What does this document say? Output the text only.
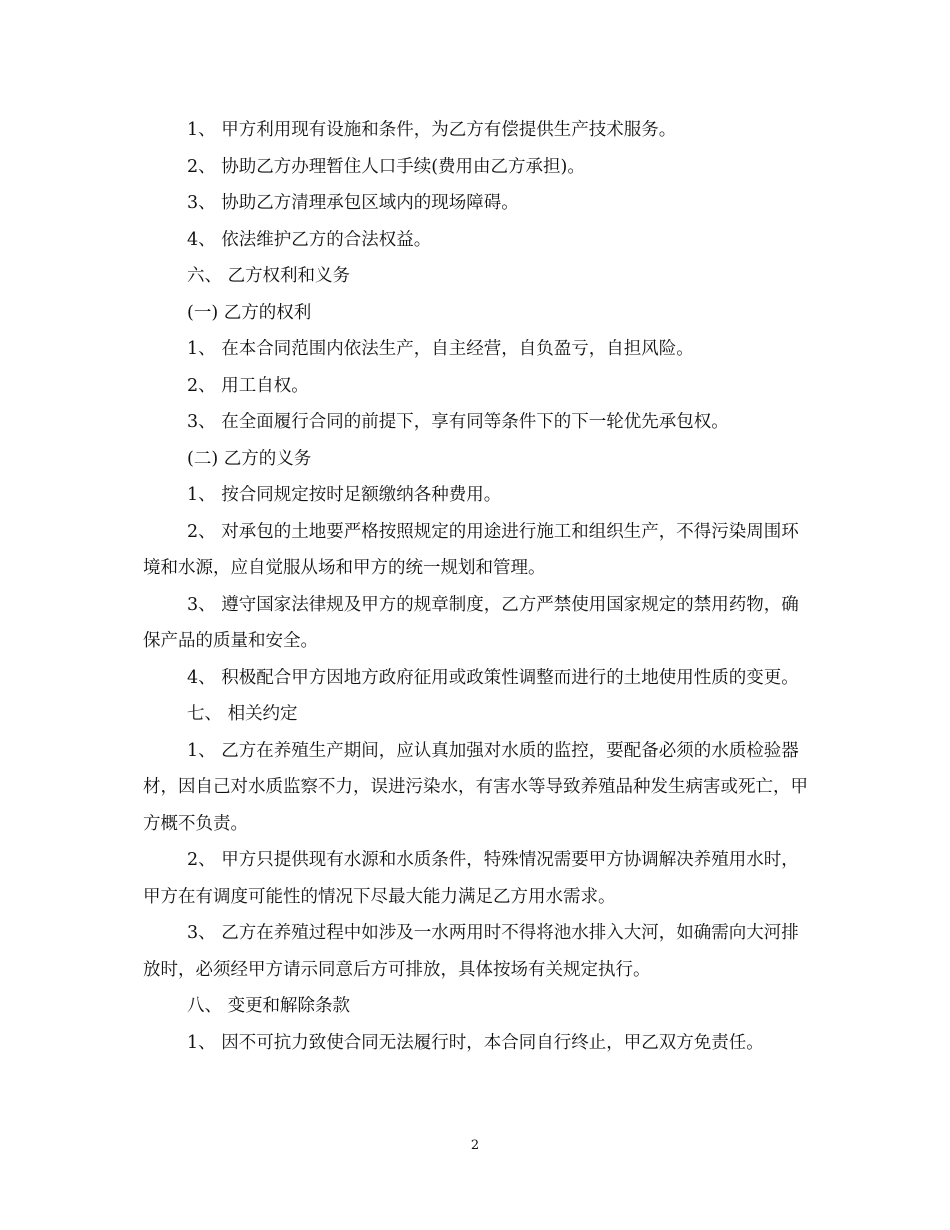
1、 甲方利用现有设施和条件，为乙方有偿提供生产技术服务。

2、 协助乙方办理暂住人口手续(费用由乙方承担)。

3、 协助乙方清理承包区域内的现场障碍。

4、 依法维护乙方的合法权益。

六、 乙方权利和义务

(一) 乙方的权利

1、 在本合同范围内依法生产，自主经营，自负盈亏，自担风险。

2、 用工自权。

3、 在全面履行合同的前提下，享有同等条件下的下一轮优先承包权。

(二) 乙方的义务

1、 按合同规定按时足额缴纳各种费用。

2、 对承包的土地要严格按照规定的用途进行施工和组织生产，不得污染周围环境和水源，应自觉服从场和甲方的统一规划和管理。

3、 遵守国家法律规及甲方的规章制度，乙方严禁使用国家规定的禁用药物，确保产品的质量和安全。

4、 积极配合甲方因地方政府征用或政策性调整而进行的土地使用性质的变更。

七、 相关约定

1、 乙方在养殖生产期间，应认真加强对水质的监控，要配备必须的水质检验器材，因自己对水质监察不力，误进污染水，有害水等导致养殖品种发生病害或死亡，甲方概不负责。

2、 甲方只提供现有水源和水质条件，特殊情况需要甲方协调解决养殖用水时，甲方在有调度可能性的情况下尽最大能力满足乙方用水需求。

3、 乙方在养殖过程中如涉及一水两用时不得将池水排入大河，如确需向大河排放时，必须经甲方请示同意后方可排放，具体按场有关规定执行。

八、 变更和解除条款

1、 因不可抗力致使合同无法履行时，本合同自行终止，甲乙双方免责任。

2
